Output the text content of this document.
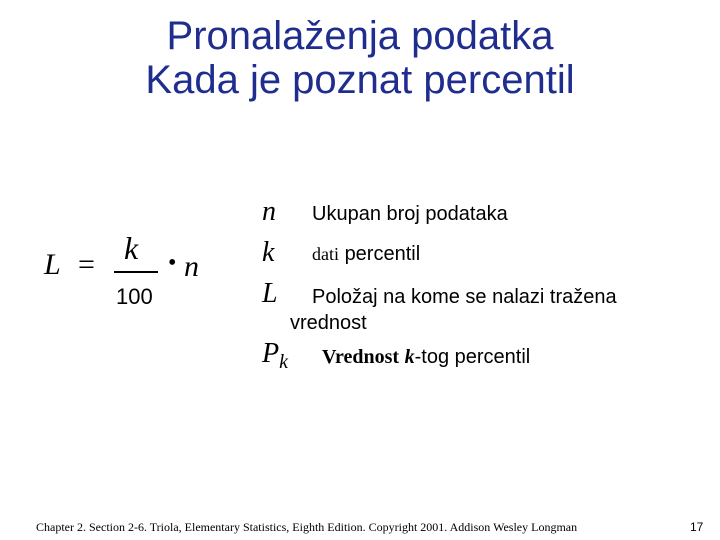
Pronalaženja podatka
Kada je poznat percentil
L = k
100
• n
n Ukupan broj podataka
k dati percentil
L	Položaj na kome se nalazi tražena vrednost
$P_k$ Vrednost k-tog percentil
Chapter 2. Section 2-6. Triola, Elementary Statistics, Eighth Edition. Copyright 2001. Addison Wesley Longman	17
